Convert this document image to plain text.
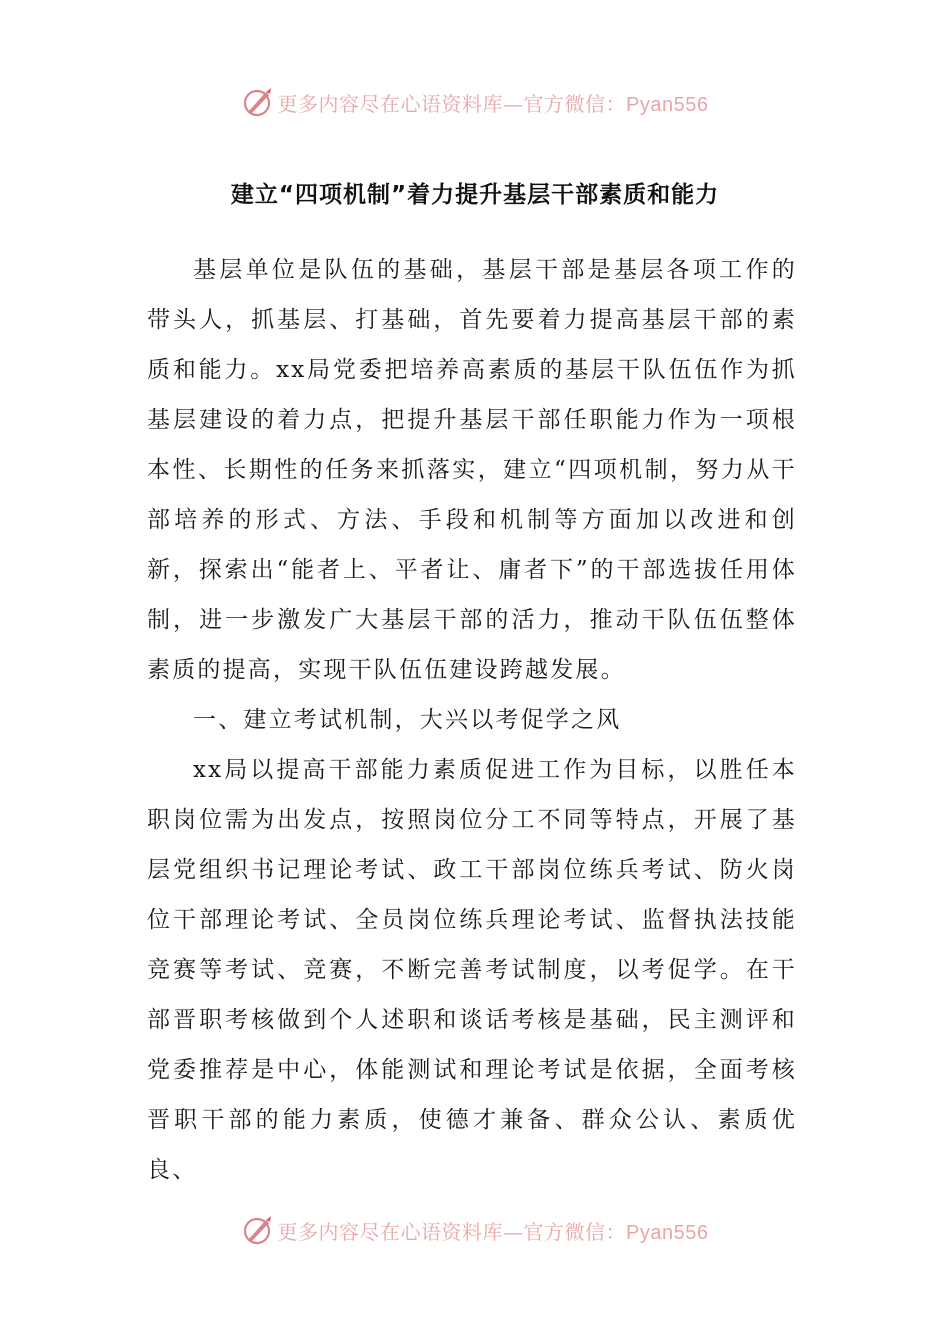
更多内容尽在心语资料库—官方微信：Pyan556
建立“四项机制”着力提升基层干部素质和能力

基层单位是队伍的基础，基层干部是基层各项工作的带头人，抓基层、打基础，首先要着力提高基层干部的素质和能力。xx局党委把培养高素质的基层干队伍伍作为抓基层建设的着力点，把提升基层干部任职能力作为一项根本性、长期性的任务来抓落实，建立“四项机制，努力从干部培养的形式、方法、手段和机制等方面加以改进和创新，探索出“能者上、平者让、庸者下”的干部选拔任用体制，进一步激发广大基层干部的活力，推动干队伍伍整体素质的提高，实现干队伍伍建设跨越发展。

一、建立考试机制，大兴以考促学之风

xx局以提高干部能力素质促进工作为目标，以胜任本职岗位需为出发点，按照岗位分工不同等特点，开展了基层党组织书记理论考试、政工干部岗位练兵考试、防火岗位干部理论考试、全员岗位练兵理论考试、监督执法技能竞赛等考试、竞赛，不断完善考试制度，以考促学。在干部晋职考核做到个人述职和谈话考核是基础，民主测评和党委推荐是中心，体能测试和理论考试是依据，全面考核晋职干部的能力素质，使德才兼备、群众公认、素质优良、

更多内容尽在心语资料库—官方微信：Pyan556
